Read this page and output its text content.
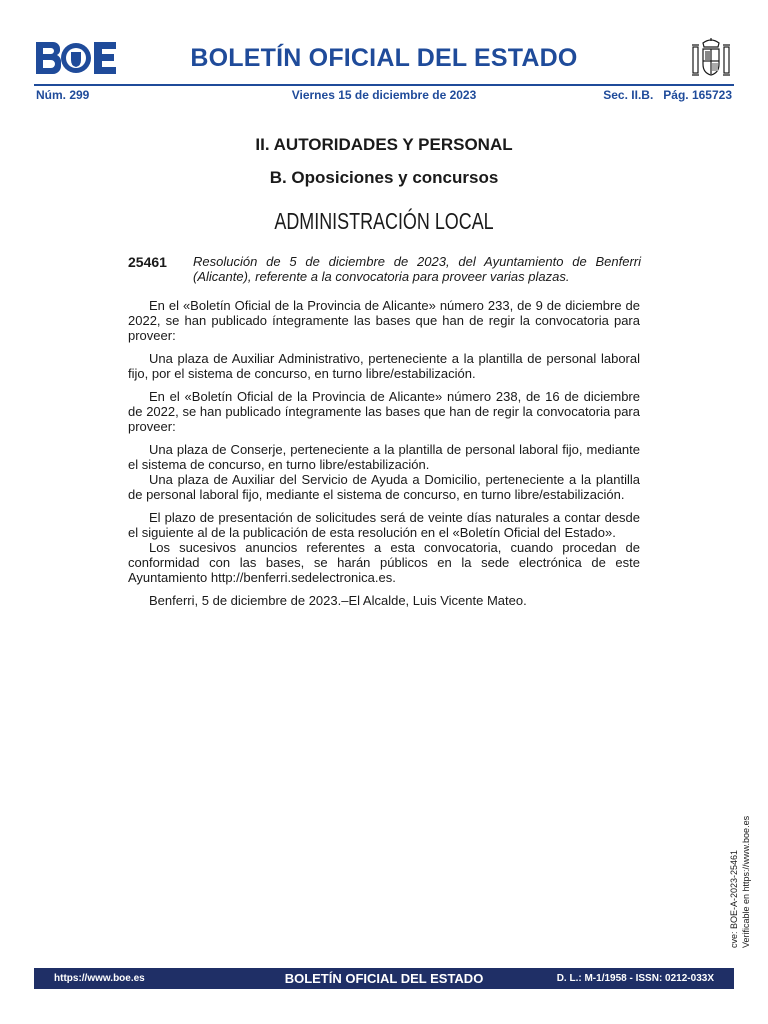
BOLETÍN OFICIAL DEL ESTADO
Núm. 299	Viernes 15 de diciembre de 2023	Sec. II.B.   Pág. 165723
II. AUTORIDADES Y PERSONAL
B. Oposiciones y concursos
ADMINISTRACIÓN LOCAL
25461 Resolución de 5 de diciembre de 2023, del Ayuntamiento de Benferri (Alicante), referente a la convocatoria para proveer varias plazas.

En el «Boletín Oficial de la Provincia de Alicante» número 233, de 9 de diciembre de 2022, se han publicado íntegramente las bases que han de regir la convocatoria para proveer:

Una plaza de Auxiliar Administrativo, perteneciente a la plantilla de personal laboral fijo, por el sistema de concurso, en turno libre/estabilización.

En el «Boletín Oficial de la Provincia de Alicante» número 238, de 16 de diciembre de 2022, se han publicado íntegramente las bases que han de regir la convocatoria para proveer:

Una plaza de Conserje, perteneciente a la plantilla de personal laboral fijo, mediante el sistema de concurso, en turno libre/estabilización.

Una plaza de Auxiliar del Servicio de Ayuda a Domicilio, perteneciente a la plantilla de personal laboral fijo, mediante el sistema de concurso, en turno libre/estabilización.

El plazo de presentación de solicitudes será de veinte días naturales a contar desde el siguiente al de la publicación de esta resolución en el «Boletín Oficial del Estado».

Los sucesivos anuncios referentes a esta convocatoria, cuando procedan de conformidad con las bases, se harán públicos en la sede electrónica de este Ayuntamiento http://benferri.sedelectronica.es.

Benferri, 5 de diciembre de 2023.–El Alcalde, Luis Vicente Mateo.

cve: BOE-A-2023-25461 Verificable en https://www.boe.es
https://www.boe.es	BOLETÍN OFICIAL DEL ESTADO	D. L.: M-1/1958 - ISSN: 0212-033X
